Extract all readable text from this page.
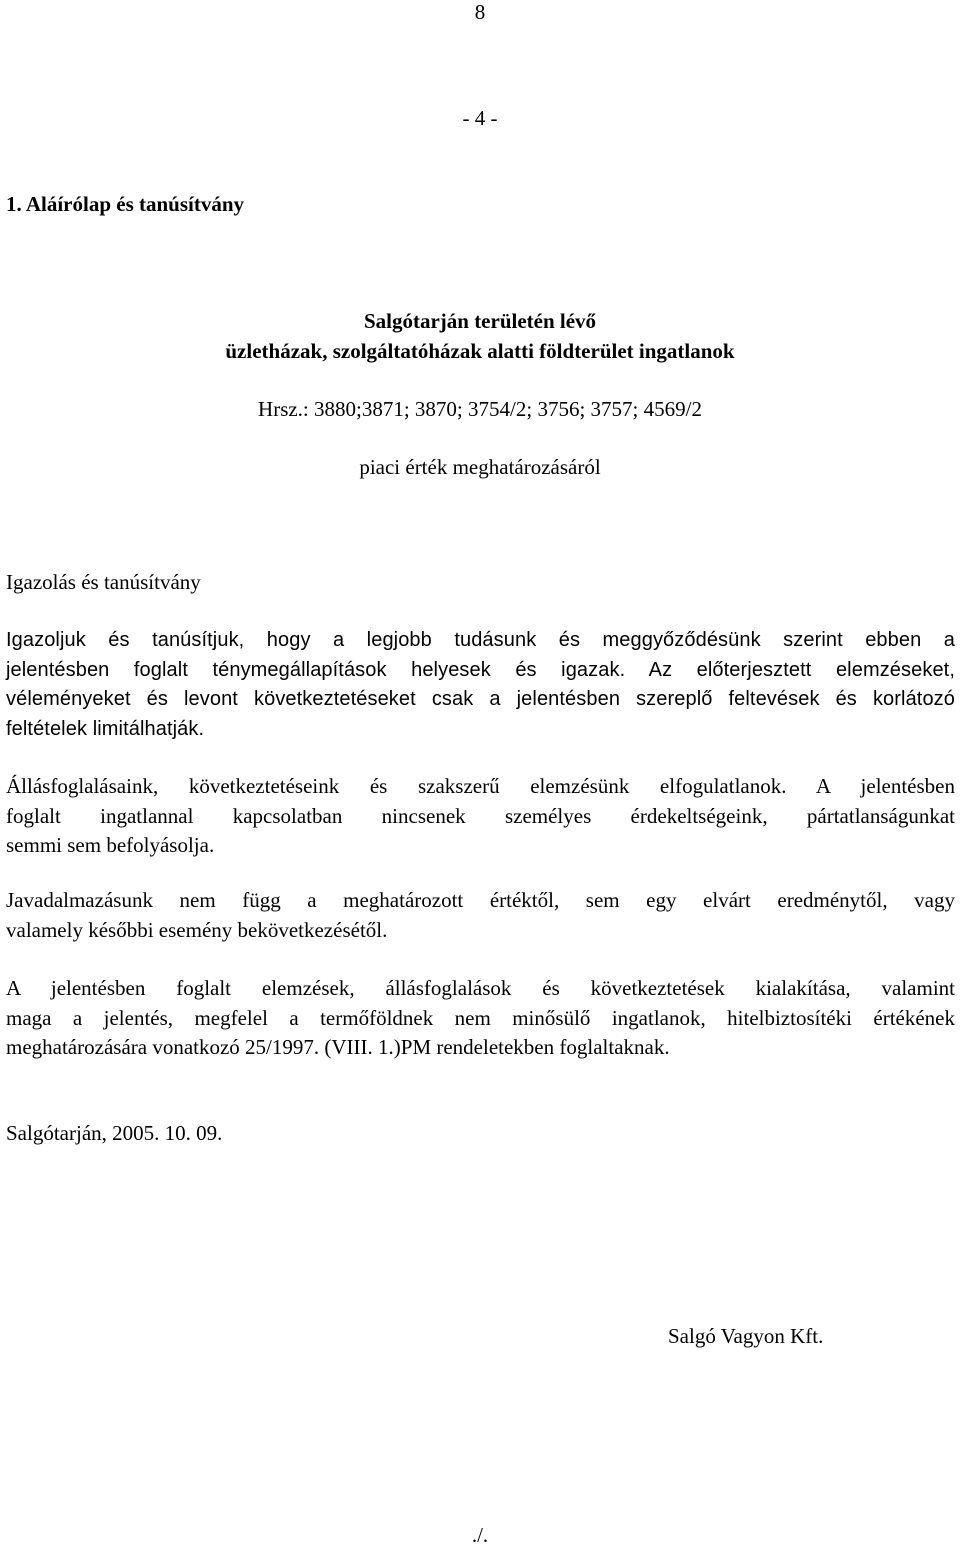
8

- 4 -

1. Aláírólap és tanúsítvány

Salgótarján területén lévő

üzletházak, szolgáltatóházak alatti földterület ingatlanok

Hrsz.: 3880;3871; 3870; 3754/2; 3756; 3757; 4569/2

piaci érték meghatározásáról

Igazolás és tanúsítvány

Igazoljuk és tanúsítjuk, hogy a legjobb tudásunk és meggyőződésünk szerint ebben a
jelentésben foglalt ténymegállapítások helyesek és igazak. Az előterjesztett elemzéseket,
véleményeket és levont következtetéseket csak a jelentésben szereplő feltevések és korlátozó
feltételek limitálhatják.
Állásfoglalásaink, következtetéseink és szakszerű elemzésünk elfogulatlanok. A jelentésben
foglalt ingatlannal kapcsolatban nincsenek személyes érdekeltségeink, pártatlanságunkat
semmi sem befolyásolja.
Javadalmazásunk nem függ a meghatározott értéktől, sem egy elvárt eredménytől, vagy
valamely későbbi esemény bekövetkezésétől.
A jelentésben foglalt elemzések, állásfoglalások és következtetések kialakítása, valamint
maga a jelentés, megfelel a termőföldnek nem minősülő ingatlanok, hitelbiztosítéki értékének
meghatározására vonatkozó 25/1997. (VIII. 1.)PM rendeletekben foglaltaknak.

Salgótarján, 2005. 10. 09.

Salgó Vagyon Kft.

./.
